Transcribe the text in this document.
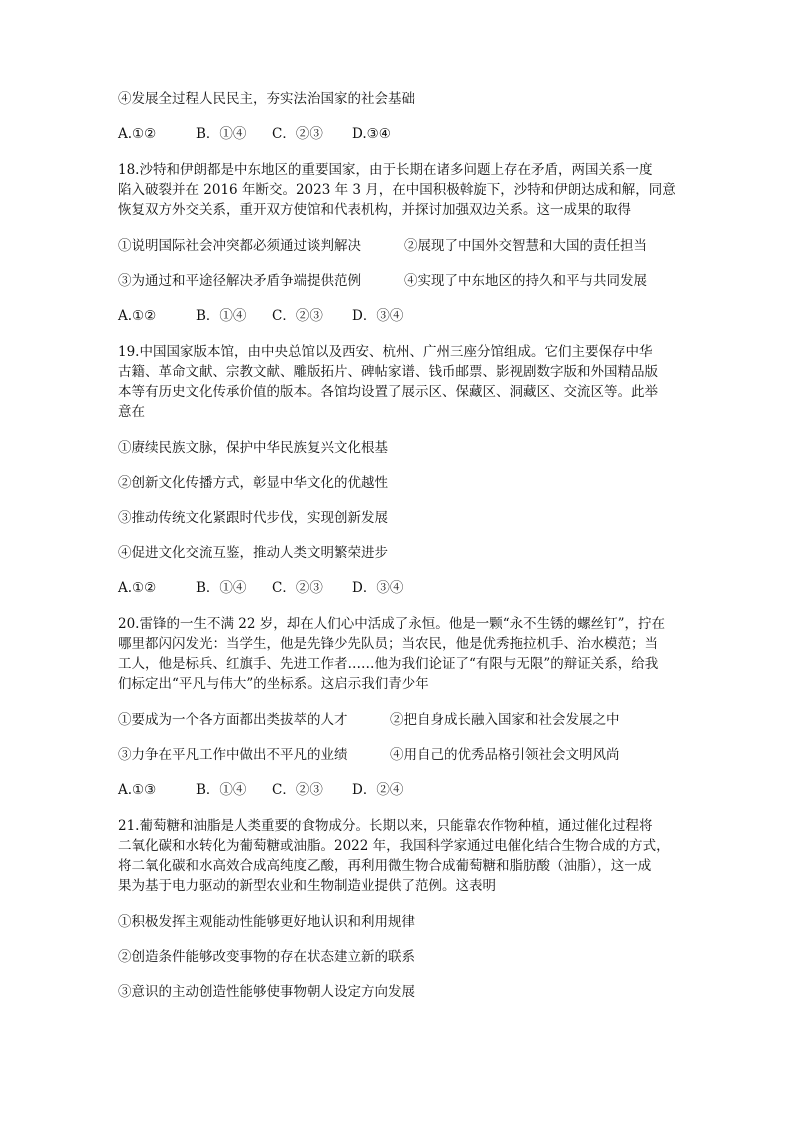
④发展全过程人民民主，夯实法治国家的社会基础
A.①②	B．①④	C．②③	D.③④
18.沙特和伊朗都是中东地区的重要国家，由于长期在诸多问题上存在矛盾，两国关系一度
陷入破裂并在 2016 年断交。2023 年 3 月，在中国积极斡旋下，沙特和伊朗达成和解，同意
恢复双方外交关系，重开双方使馆和代表机构，并探讨加强双边关系。这一成果的取得
①说明国际社会冲突都必须通过谈判解决	②展现了中国外交智慧和大国的责任担当
③为通过和平途径解决矛盾争端提供范例	④实现了中东地区的持久和平与共同发展
A.①②	B．①④	C．②③	D．③④
19.中国国家版本馆，由中央总馆以及西安、杭州、广州三座分馆组成。它们主要保存中华
古籍、革命文献、宗教文献、雕版拓片、碑帖家谱、钱币邮票、影视剧数字版和外国精品版
本等有历史文化传承价值的版本。各馆均设置了展示区、保藏区、洞藏区、交流区等。此举
意在
①赓续民族文脉，保护中华民族复兴文化根基
②创新文化传播方式，彰显中华文化的优越性
③推动传统文化紧跟时代步伐，实现创新发展
④促进文化交流互鉴，推动人类文明繁荣进步
A.①②	B．①④	C．②③	D．③④
20.雷锋的一生不满 22 岁，却在人们心中活成了永恒。他是一颗“永不生锈的螺丝钉”，拧在
哪里都闪闪发光：当学生，他是先锋少先队员；当农民，他是优秀拖拉机手、治水模范；当
工人，他是标兵、红旗手、先进工作者……他为我们论证了“有限与无限”的辩证关系，给我
们标定出“平凡与伟大”的坐标系。这启示我们青少年
①要成为一个各方面都出类拔萃的人才	②把自身成长融入国家和社会发展之中
③力争在平凡工作中做出不平凡的业绩	④用自己的优秀品格引领社会文明风尚
A.①③	B．①④	C．②③	D．②④
21.葡萄糖和油脂是人类重要的食物成分。长期以来，只能靠农作物种植，通过催化过程将
二氧化碳和水转化为葡萄糖或油脂。2022 年，我国科学家通过电催化结合生物合成的方式，
将二氧化碳和水高效合成高纯度乙酸，再利用微生物合成葡萄糖和脂肪酸（油脂），这一成
果为基于电力驱动的新型农业和生物制造业提供了范例。这表明
①积极发挥主观能动性能够更好地认识和利用规律
②创造条件能够改变事物的存在状态建立新的联系
③意识的主动创造性能够使事物朝人设定方向发展
